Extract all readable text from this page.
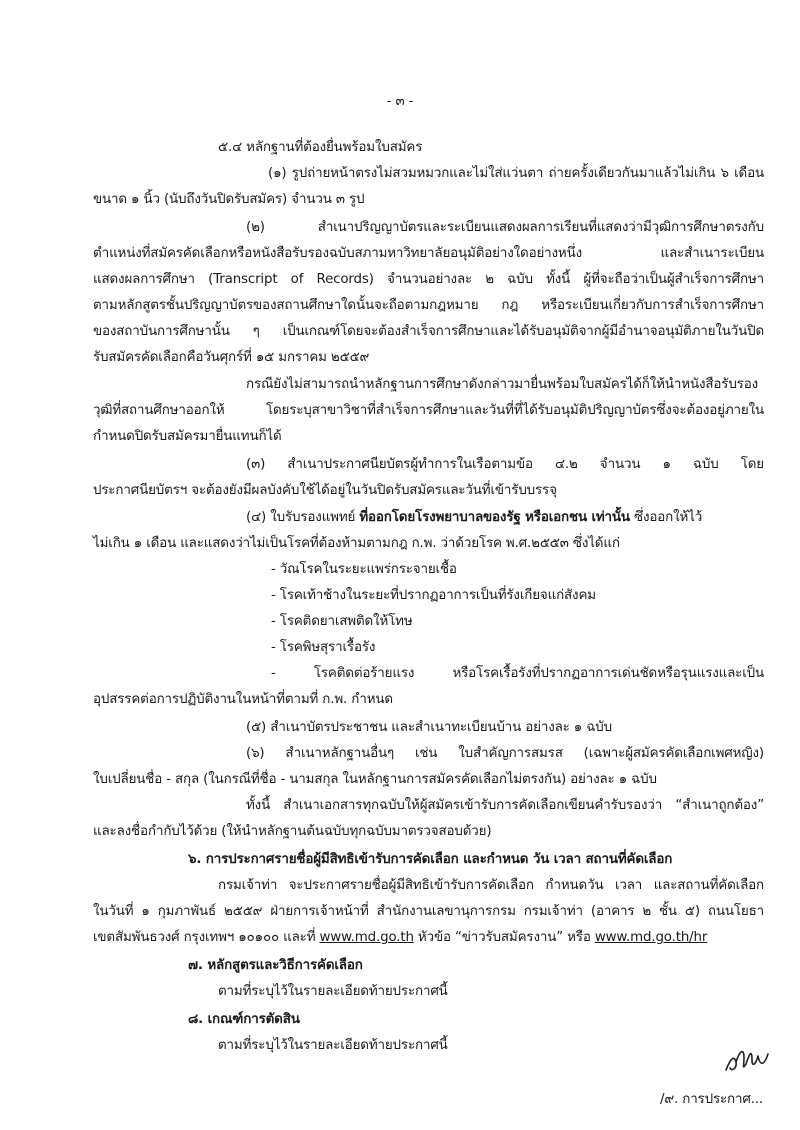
- ๓ -
๕.๔ หลักฐานที่ต้องยื่นพร้อมใบสมัคร
(๑) รูปถ่ายหน้าตรงไม่สวมหมวกและไม่ใส่แว่นตา ถ่ายครั้งเดียวกันมาแล้วไม่เกิน ๖ เดือน
ขนาด ๑ นิ้ว (นับถึงวันปิดรับสมัคร) จำนวน ๓ รูป
(๒) สำเนาปริญญาบัตรและระเบียนแสดงผลการเรียนที่แสดงว่ามีวุฒิการศึกษาตรงกับ
ตำแหน่งที่สมัครคัดเลือกหรือหนังสือรับรองฉบับสภามหาวิทยาลัยอนุมัติอย่างใดอย่างหนึ่ง และสำเนาระเบียน
แสดงผลการศึกษา (Transcript of Records) จำนวนอย่างละ ๒ ฉบับ ทั้งนี้ ผู้ที่จะถือว่าเป็นผู้สำเร็จการศึกษา
ตามหลักสูตรชั้นปริญญาบัตรของสถานศึกษาใดนั้นจะถือตามกฎหมาย กฎ หรือระเบียนเกี่ยวกับการสำเร็จการศึกษา
ของสถาบันการศึกษานั้น ๆ เป็นเกณฑ์โดยจะต้องสำเร็จการศึกษาและได้รับอนุมัติจากผู้มีอำนาจอนุมัติภายในวันปิด
รับสมัครคัดเลือกคือวันศุกร์ที่ ๑๕ มกราคม ๒๕๕๙
กรณียังไม่สามารถนำหลักฐานการศึกษาดังกล่าวมายื่นพร้อมใบสมัครได้ก็ให้นำหนังสือรับรอง
วุฒิที่สถานศึกษาออกให้ โดยระบุสาขาวิชาที่สำเร็จการศึกษาและวันที่ที่ได้รับอนุมัติปริญญาบัตรซึ่งจะต้องอยู่ภายใน
กำหนดปิดรับสมัครมายื่นแทนก็ได้
(๓) สำเนาประกาศนียบัตรผู้ทำการในเรือตามข้อ ๔.๒ จำนวน ๑ ฉบับ โดย
ประกาศนียบัตรฯ จะต้องยังมีผลบังคับใช้ได้อยู่ในวันปิดรับสมัครและวันที่เข้ารับบรรจุ
(๔) ใบรับรองแพทย์ ที่ออกโดยโรงพยาบาลของรัฐ หรือเอกชน เท่านั้น ซึ่งออกให้ไว้
ไม่เกิน ๑ เดือน และแสดงว่าไม่เป็นโรคที่ต้องห้ามตามกฎ ก.พ. ว่าด้วยโรค พ.ศ.๒๕๕๓ ซึ่งได้แก่
- วัณโรคในระยะแพร่กระจายเชื้อ
- โรคเท้าช้างในระยะที่ปรากฏอาการเป็นที่รังเกียจแก่สังคม
- โรคติดยาเสพติดให้โทษ
- โรคพิษสุราเรื้อรัง
- โรคติดต่อร้ายแรง หรือโรคเรื้อรังที่ปรากฏอาการเด่นชัดหรือรุนแรงและเป็น
อุปสรรคต่อการปฏิบัติงานในหน้าที่ตามที่ ก.พ. กำหนด
(๕) สำเนาบัตรประชาชน และสำเนาทะเบียนบ้าน อย่างละ ๑ ฉบับ
(๖) สำเนาหลักฐานอื่นๆ เช่น ใบสำคัญการสมรส (เฉพาะผู้สมัครคัดเลือกเพศหญิง)
ใบเปลี่ยนชื่อ - สกุล (ในกรณีที่ชื่อ - นามสกุล ในหลักฐานการสมัครคัดเลือกไม่ตรงกัน) อย่างละ ๑ ฉบับ
ทั้งนี้ สำเนาเอกสารทุกฉบับให้ผู้สมัครเข้ารับการคัดเลือกเขียนคำรับรองว่า “สำเนาถูกต้อง”
และลงชื่อกำกับไว้ด้วย (ให้นำหลักฐานต้นฉบับทุกฉบับมาตรวจสอบด้วย)
๖. การประกาศรายชื่อผู้มีสิทธิเข้ารับการคัดเลือก และกำหนด วัน เวลา สถานที่คัดเลือก
กรมเจ้าท่า จะประกาศรายชื่อผู้มีสิทธิเข้ารับการคัดเลือก กำหนดวัน เวลา และสถานที่คัดเลือก
ในวันที่ ๑ กุมภาพันธ์ ๒๕๕๙ ฝ่ายการเจ้าหน้าที่ สำนักงานเลขานุการกรม กรมเจ้าท่า (อาคาร ๒ ชั้น ๕) ถนนโยธา
เขตสัมพันธวงศ์ กรุงเทพฯ ๑๐๑๐๐ และที่ www.md.go.th หัวข้อ “ข่าวรับสมัครงาน” หรือ www.md.go.th/hr
๗. หลักสูตรและวิธีการคัดเลือก
ตามที่ระบุไว้ในรายละเอียดท้ายประกาศนี้
๘. เกณฑ์การตัดสิน
ตามที่ระบุไว้ในรายละเอียดท้ายประกาศนี้
/๙. การประกาศ...
